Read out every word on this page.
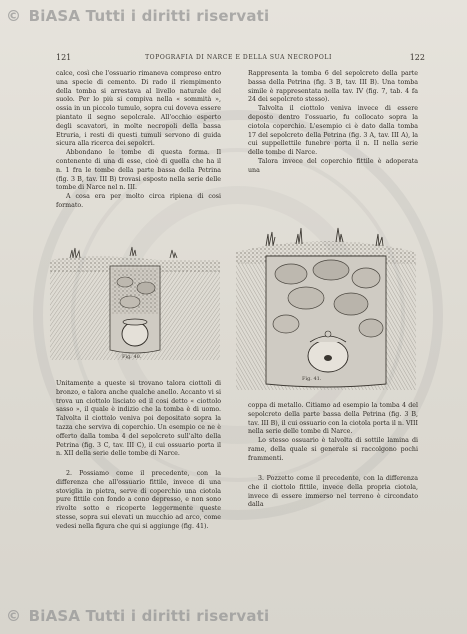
© BiASA Tutti i diritti riservati
121	TOPOGRAFIA DI NARCE E DELLA SUA NECROPOLI	122

calce, così che l'ossuario rimaneva compreso entro una specie di cemento. Di rado il riempimento della tomba si arrestava al livello naturale del suolo. Per lo più si compiva nella « sommità », ossia in un piccolo tumulo, sopra cui doveva essere piantato il segno sepolcrale. All'occhio esperto degli scavatori, in molte necropoli della bassa Etruria, i resti di questi tumuli servono di guida sicura alla ricerca dei sepolcri.

Abbondano le tombe di questa forma. Il contenente di una di esse, cioè di quella che ha il n. 1 fra le tombe della parte bassa della Petrina (fig. 3 B, tav. III B) trovasi esposto nella serie delle tombe di Narce nel n. III.

A cosa era per molto circa ripiena di cosi formato.

Rappresenta la tomba 6 del sepolcreto della parte bassa della Petrina (fig. 3 B, tav. III B). Una tomba simile è rappresentata nella tav. IV (fig. 7, tab. 4 fa 24 dei sepolcreto stesso).

Talvolta il ciottolo veniva invece di essere deposto dentro l'ossuario, fu collocato sopra la ciotola coperchio. L'esempio ci è dato dalla tomba 17 del sepolcreto della Petrina (fig. 3 A, tav. III A), la cui suppellettile funebre porta il n. II nella serie delle tombe di Narce.

Talora invece del coperchio fittile è adoperata una

Fig. 40.
Fig. 41.

Unitamente a queste si trovano talora ciottoli di bronzo, e talora anche qualche anello. Accanto vi si trova un ciottolo lisciato ed il cosi detto « ciottolo sasso », il quale è indizio che la tomba è di uomo. Talvolta il ciottolo veniva poi depositato sopra la tazza che serviva di coperchio. Un esempio ce ne è offerto dalla tomba 4 del sepolcreto sull'alto della Petrina (fig. 3 C, tav. III C), il cui ossuario porta il n. XII della serie delle tombe di Narce.

2. Possiamo come il precedente, con la differenza che all'ossuario fittile, invece di una stoviglia in pietra, serve di coperchio una ciotola pure fittile con fondo a cono depresso, e non sono rivolte sotto e ricoperte leggermente queste stesse, sopra sui elevati un mucchio ad arco, come vedesi nella figura che qui si aggiunge (fig. 41).

coppa di metallo. Citiamo ad esempio la tomba 4 del sepolcreto della parte bassa della Petrina (fig. 3 B, tav. III B), il cui ossuario con la ciotola porta il n. VIII nella serie delle tombe di Narce.

Lo stesso ossuario è talvolta di sottile lamina di rame, della quale si generale si raccolgono pochi frammenti.

3. Pozzetto come il precedente, con la differenza che il ciottolo fittile, invece della propria ciotola, invece di essere immerso nel terreno è circondato dalla

© BiASA Tutti i diritti riservati
